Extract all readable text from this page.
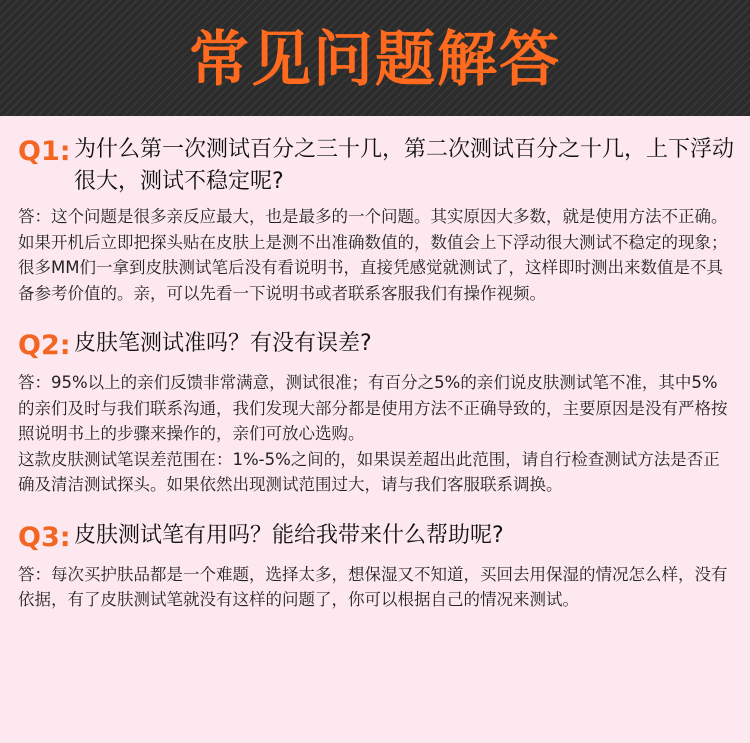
常见问题解答
Q1: 为什么第一次测试百分之三十几，第二次测试百分之十几，上下浮动很大，测试不稳定呢?

答：这个问题是很多亲反应最大，也是最多的一个问题。其实原因大多数，就是使用方法不正确。如果开机后立即把探头贴在皮肤上是测不出准确数值的，数值会上下浮动很大测试不稳定的现象；很多MM们一拿到皮肤测试笔后没有看说明书，直接凭感觉就测试了，这样即时测出来数值是不具备参考价值的。亲，可以先看一下说明书或者联系客服我们有操作视频。

Q2: 皮肤笔测试准吗？有没有误差?

答：95%以上的亲们反馈非常满意，测试很准；有百分之5%的亲们说皮肤测试笔不准，其中5%的亲们及时与我们联系沟通，我们发现大部分都是使用方法不正确导致的，主要原因是没有严格按照说明书上的步骤来操作的，亲们可放心选购。

这款皮肤测试笔误差范围在：1%-5%之间的，如果误差超出此范围，请自行检查测试方法是否正确及清洁测试探头。如果依然出现测试范围过大，请与我们客服联系调换。

Q3: 皮肤测试笔有用吗？能给我带来什么帮助呢?

答：每次买护肤品都是一个难题，选择太多，想保湿又不知道，买回去用保湿的情况怎么样，没有依据，有了皮肤测试笔就没有这样的问题了，你可以根据自己的情况来测试。
